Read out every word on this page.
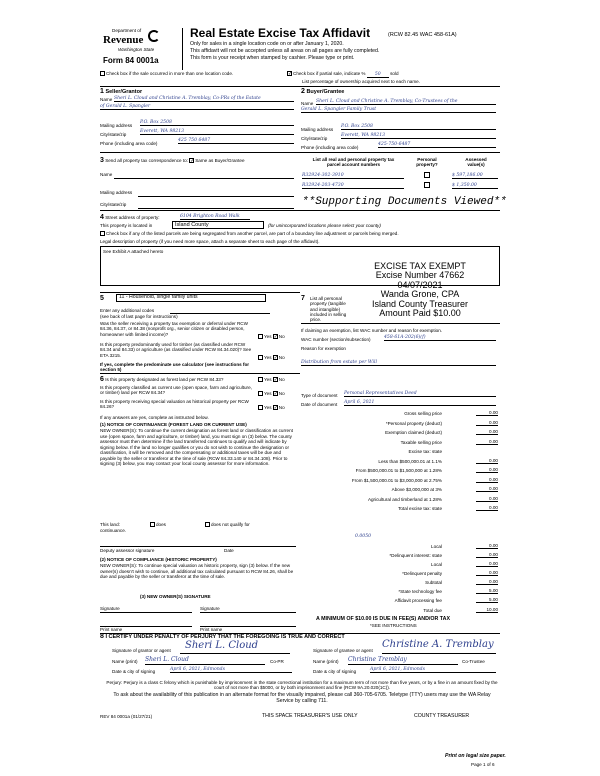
Department of
Revenue
Washington State
Form 84 0001a
Real Estate Excise Tax Affidavit	(RCW 82.45 WAC 458-61A)
Only for sales in a single location code on or after January 1, 2020.
This affidavit will not be accepted unless all areas on all pages are fully completed.
This form is your receipt when stamped by cashier. Please type or print.
Check box if the sale occurred in more than one location code.	✓Check box if partial sale, indicate % 50 sold
List percentage of ownership acquired next to each name.
1 Seller/Grantor
Name Sheri L. Cloud and Christine A. Tremblay, Co-PRs of the Estate
of Gerald L. Spangler
Mailing address
P.O. Box 2508
City/state/zip
Everett, WA 98213
Phone (including area code)
425 750 6487
2 Buyer/Grantee
Name Sheri L. Cloud and Christine A. Tremblay, Co-Trustees of the
Gerald L. Spangler Family Trust
Mailing address
P.O. Box 2508
City/state/zip
Everett, WA 98213
Phone (including area code)
425-750-6487
3 Send all property tax correspondence to: ✓Same as Buyer/Grantee
Name
Mailing address
City/state/zip
List all real and personal property tax parcel account numbers
Personal property?
Assessed value(s)
R32924-302-3910	$ 597,186.00
R32924-203-4730	$ 1,350.00
**Supporting Documents Viewed**
4 Street address of property:	6104 Brighton Road Walk
This property is located in	Island County	(for unincorporated locations please select your county)
Check box if any of the listed parcels are being segregated from another parcel, are part of a boundary line adjustment or parcels being merged.
Legal description of property (if you need more space, attach a separate sheet to each page of the affidavit).
See Exhibit A attached hereto
EXCISE TAX EXEMPT
Excise Number 47662
04/07/2021
Wanda Grone, CPA
Island County Treasurer
Amount Paid $10.00
5	11 - Household, single family units
Enter any additional codes
(see back of last page for instructions)
Was the seller receiving a property tax exemption or deferral under RCW 84.36, 84.37, or 84.38 (nonprofit org., senior citizen or disabled person, homeowner with limited income)?	Yes ✓No
Is this property predominantly used for timber (as classified under RCW 84.34 and 84.33) or agriculture (as classified under RCW 84.34.020)? See ETA 3215.	Yes ✓No
If yes, complete the predominate use calculator (see instructions for section 5)
6 Is this property designated as forest land per RCW 84.33?	Yes ✓No
Is this property classified as current use (open space, farm and agriculture, or timber) land per RCW 84.34?	Yes ✓No
Is this property receiving special valuation as historical property per RCW 84.26?	Yes ✓No
If any answers are yes, complete as instructed below.
(1) NOTICE OF CONTINUANCE (FOREST LAND OR CURRENT USE)
NEW OWNER(S): To continue the current designation as forest land or classification as current use (open space, farm and agriculture, or timber) land, you must sign on (3) below. The county assessor must then determine if the land transferred continues to qualify and will indicate by signing below. If the land no longer qualifies or you do not wish to continue the designation or classification, it will be removed and the compensating or additional taxes will be due and payable by the seller or transferor at the time of sale (RCW 84.33.140 or 84.34.108). Prior to signing (3) below, you may contact your local county assessor for more information.
This land:	does	does not qualify for
continuance.
Deputy assessor signature	Date
(2) NOTICE OF COMPLIANCE (HISTORIC PROPERTY)
NEW OWNER(S): To continue special valuation as historic property, sign (3) below. If the new owner(s) doesn't wish to continue, all additional tax calculated pursuant to RCW 84.26, shall be due and payable by the seller or transferor at the time of sale.
(3) NEW OWNER(S) SIGNATURE
Signature	Signature
Print name	Print name
7 List all personal property (tangible and intangible) included in selling price.
If claiming an exemption, list WAC number and reason for exemption.
WAC number (section/subsection)	458-61A-202(6)(f)
Reason for exemption
Distribution from estate per Will
Type of document Personal Representatives Deed
Date of document April 6, 2021
Gross selling price	0.00
*Personal property (deduct)	0.00
Exemption claimed (deduct)	0.00
Taxable selling price	0.00
Excise tax: state
Less than $500,000.01 at 1.1%	0.00
From $500,000.01 to $1,500,000 at 1.28%	0.00
From $1,500,000.01 to $3,000,000 at 2.75%	0.00
Above $3,000,000 at 3%	0.00
Agricultural and timberland at 1.28%	0.00
Total excise tax: state	0.00
0.0050
Local	0.00
*Delinquent interest: state	0.00
Local	0.00
*Delinquent penalty	0.00
Subtotal	0.00
*State technology fee	5.00
Affidavit processing fee	5.00
Total due	10.00
A MINIMUM OF $10.00 IS DUE IN FEE(S) AND/OR TAX
*SEE INSTRUCTIONS
8 I CERTIFY UNDER PENALTY OF PERJURY THAT THE FOREGOING IS TRUE AND CORRECT
Signature of grantor or agent Sheri L. Cloud
Name (print) Sheri L. Cloud	Co-PR
Date & city of signing	April 6, 2021, Edmonds
Signature of grantee or agent
Christine A. Tremblay
Name (print) Christine Tremblay	Co-Trustee
Date & city of signing	April 6, 2021, Edmonds
Perjury: Perjury is a class C felony which is punishable by imprisonment in the state correctional institution for a maximum term of not more than five years, or by a fine in an amount fixed by the court of not more than $5000, or by both imprisonment and fine (RCW 9A.20.020(1C)).
To ask about the availability of this publication in an alternate format for the visually impaired, please call 360-705-6705. Teletype (TTY) users may use the WA Relay Service by calling 711.
REV 84 0001a (01/27/21)	THIS SPACE TREASURER'S USE ONLY	COUNTY TREASURER
Print on legal size paper.
Page 1 of 6
